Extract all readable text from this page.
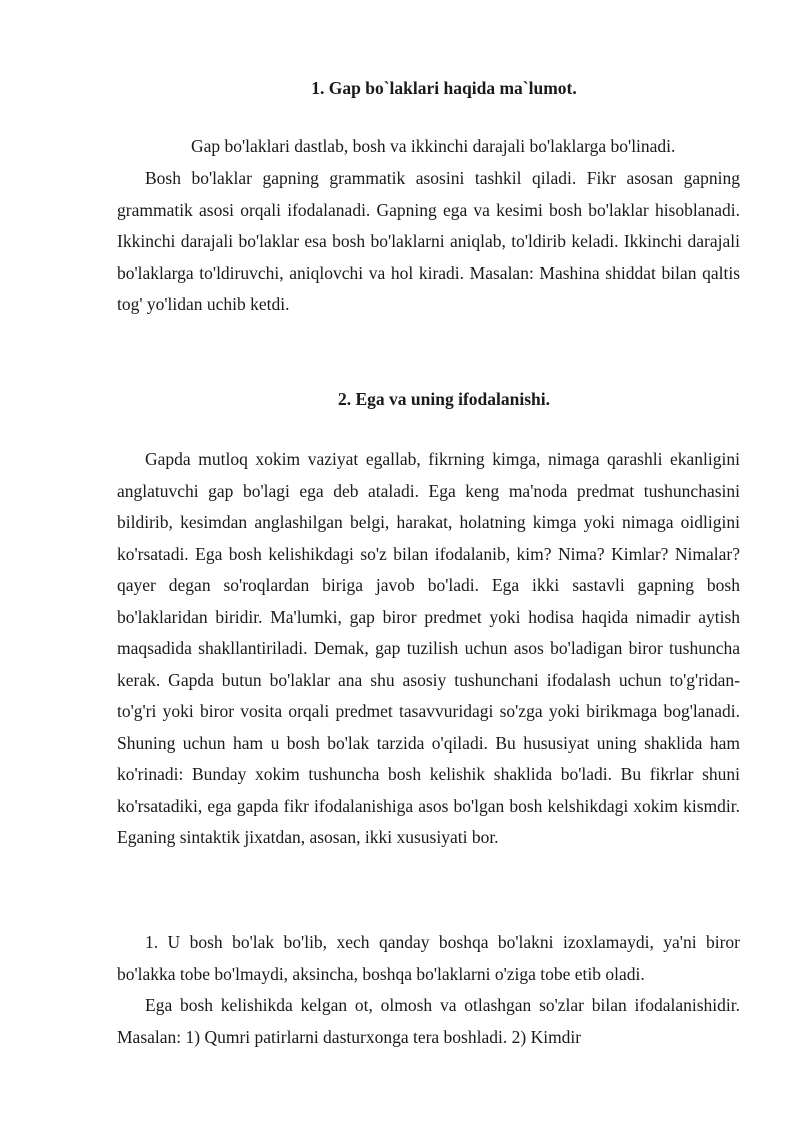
1. Gap bo`laklari haqida ma`lumot.

Gap bo'laklari dastlab, bosh va ikkinchi darajali bo'laklarga bo'linadi.

Bosh bo'laklar gapning grammatik asosini tashkil qiladi. Fikr asosan gapning grammatik asosi orqali ifodalanadi. Gapning ega va kesimi bosh bo'laklar hisoblanadi. Ikkinchi darajali bo'laklar esa bosh bo'laklarni aniqlab, to'ldirib keladi. Ikkinchi darajali bo'laklarga to'ldiruvchi, aniqlovchi va hol kiradi. Masalan: Mashina shiddat bilan qaltis tog' yo'lidan uchib ketdi.

2. Ega va uning ifodalanishi.

Gapda mutloq xokim vaziyat egallab, fikrning kimga, nimaga qarashli ekanligini anglatuvchi gap bo'lagi ega deb ataladi. Ega keng ma'noda predmat tushunchasini bildirib, kesimdan anglashilgan belgi, harakat, holatning kimga yoki nimaga oidligini ko'rsatadi. Ega bosh kelishikdagi so'z bilan ifodalanib, kim? Nima? Kimlar? Nimalar? qayer degan so'roqlardan biriga javob bo'ladi. Ega ikki sastavli gapning bosh bo'laklaridan biridir. Ma'lumki, gap biror predmet yoki hodisa haqida nimadir aytish maqsadida shakllantiriladi. Demak, gap tuzilish uchun asos bo'ladigan biror tushuncha kerak. Gapda butun bo'laklar ana shu asosiy tushunchani ifodalash uchun to'g'ridan-to'g'ri yoki biror vosita orqali predmet tasavvuridagi so'zga yoki birikmaga bog'lanadi. Shuning uchun ham u bosh bo'lak tarzida o'qiladi. Bu hususiyat uning shaklida ham ko'rinadi: Bunday xokim tushuncha bosh kelishik shaklida bo'ladi. Bu fikrlar shuni ko'rsatadiki, ega gapda fikr ifodalanishiga asos bo'lgan bosh kelshikdagi xokim kismdir. Eganing sintaktik jixatdan, asosan, ikki xususiyati bor.

1. U bosh bo'lak bo'lib, xech qanday boshqa bo'lakni izoxlamaydi, ya'ni biror bo'lakka tobe bo'lmaydi, aksincha, boshqa bo'laklarni o'ziga tobe etib oladi.

Ega bosh kelishikda kelgan ot, olmosh va otlashgan so'zlar bilan ifodalanishidir. Masalan: 1) Qumri patirlarni dasturxonga tera boshladi. 2) Kimdir
